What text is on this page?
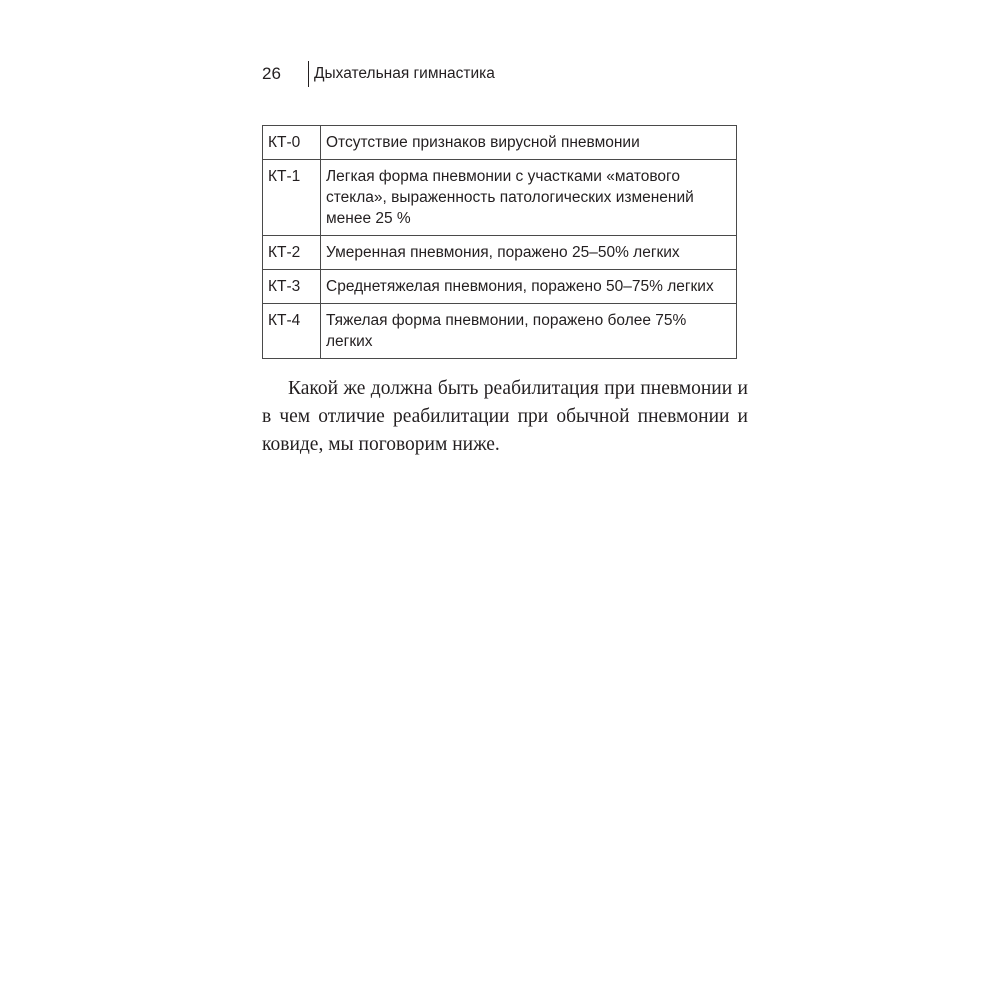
26	Дыхательная гимнастика
КТ-0	Отсутствие признаков вирусной пневмонии
КТ-1	Легкая форма пневмонии с участками «матового стекла», выраженность патологических изменений менее 25 %
КТ-2	Умеренная пневмония, поражено 25–50% легких
КТ-3	Среднетяжелая пневмония, поражено 50–75% легких
КТ-4	Тяжелая форма пневмонии, поражено более 75% легких

Какой же должна быть реабилитация при пневмонии и в чем отличие реабилитации при обычной пневмонии и ковиде, мы поговорим ниже.
